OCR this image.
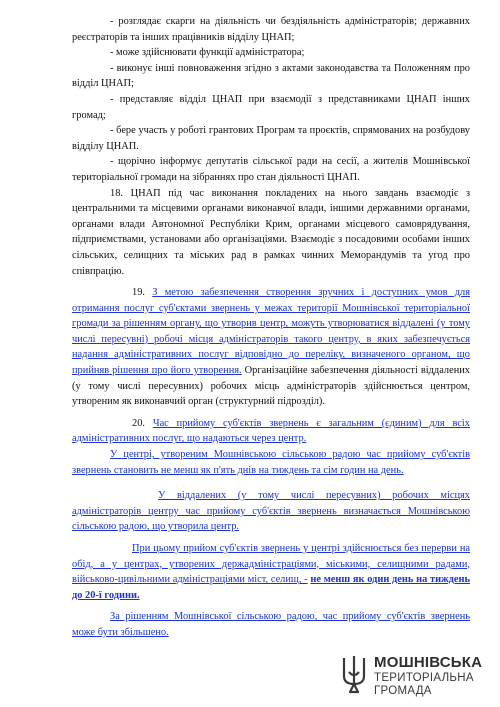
- розглядає скарги на діяльність чи бездіяльність адміністраторів; державних реєстраторів та інших працівників відділу ЦНАП;

- може здійснювати функції адміністратора;

- виконує інші повноваження згідно з актами законодавства та Положенням про відділ ЦНАП;

- представляє відділ ЦНАП при взаємодії з представниками ЦНАП інших громад;

- бере участь у роботі грантових Програм та проєктів, спрямованих на розбудову відділу ЦНАП.

- щорічно інформує депутатів сільської ради на сесії, а жителів Мошнівської територіальної громади на зібраннях про стан діяльності ЦНАП.

18. ЦНАП під час виконання покладених на нього завдань взаємодіє з центральними та місцевими органами виконавчої влади, іншими державними органами, органами влади Автономної Республіки Крим, органами місцевого самоврядування, підприємствами, установами або організаціями. Взаємодіє з посадовими особами інших сільських, селищних та міських рад в рамках чинних Меморандумів та угод про співпрацію.

19. З метою забезпечення створення зручних і доступних умов для отримання послуг суб'єктами звернень у межах території Мошнівської територіальної громади за рішенням органу, що утворив центр, можуть утворюватися віддалені (у тому числі пересувні) робочі місця адміністраторів такого центру, в яких забезпечується надання адміністративних послуг відповідно до переліку, визначеного органом, що прийняв рішення про його утворення. Організаційне забезпечення діяльності віддалених (у тому числі пересувних) робочих місць адміністраторів здійснюється центром, утвореним як виконавчий орган (структурний підрозділ).

20. Час прийому суб'єктів звернень є загальним (єдиним) для всіх адміністративних послуг, що надаються через центр.

У центрі, утвореним Мошнівською сільською радою час прийому суб'єктів звернень становить не менш як п'ять днів на тиждень та сім годин на день.

У віддалених (у тому числі пересувних) робочих місцях адміністраторів центру час прийому суб'єктів звернень визначається Мошнівською сільською радою, що утворила центр.

При цьому прийом суб'єктів звернень у центрі здійснюється без перерви на обід, а у центрах, утворених держадміністраціями, міськими, селищними радами, військово-цивільними адміністраціями міст, селищ, - не менш як один день на тиждень до 20-ї години.

За рішенням Мошнівської сільською радою, час прийому суб'єктів звернень може бути збільшено.

МОШНІВСЬКА
ТЕРИТОРІАЛЬНА
ГРОМАДА
